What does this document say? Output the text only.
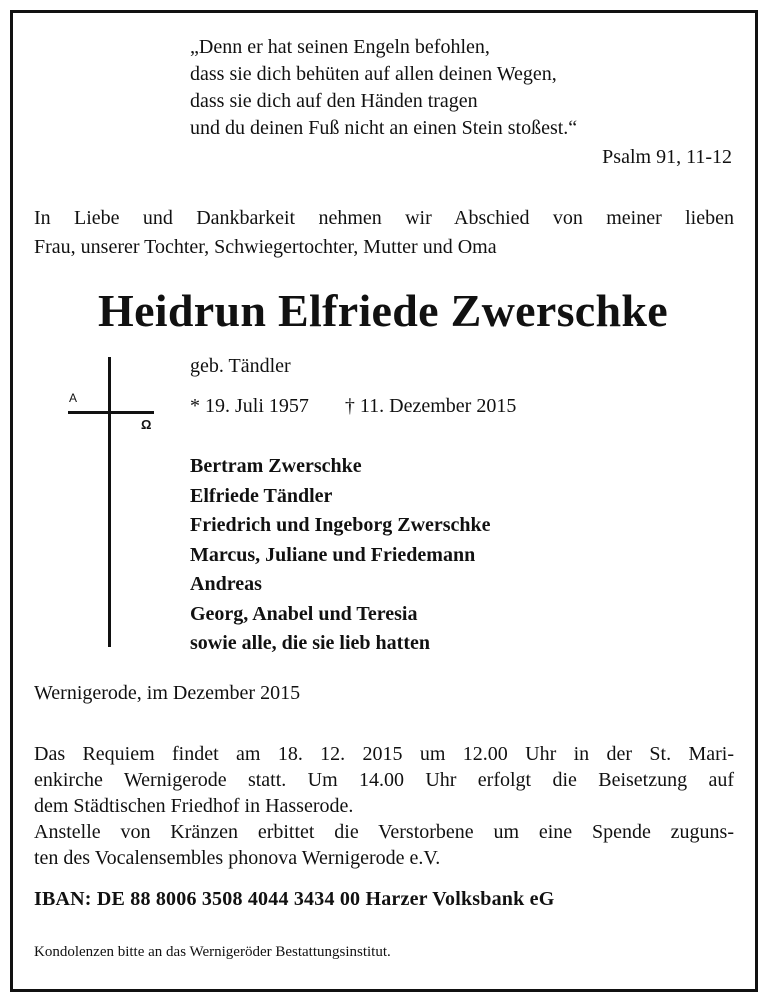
„Denn er hat seinen Engeln befohlen,
dass sie dich behüten auf allen deinen Wegen,
dass sie dich auf den Händen tragen
und du deinen Fuß nicht an einen Stein stoßest.“
Psalm 91, 11-12
In Liebe und Dankbarkeit nehmen wir Abschied von meiner lieben
Frau, unserer Tochter, Schwiegertochter, Mutter und Oma
Heidrun Elfriede Zwerschke
A
Ω
geb. Tändler
* 19. Juli 1957 † 11. Dezember 2015
Bertram Zwerschke
Elfriede Tändler
Friedrich und Ingeborg Zwerschke
Marcus, Juliane und Friedemann
Andreas
Georg, Anabel und Teresia
sowie alle, die sie lieb hatten
Wernigerode, im Dezember 2015
Das Requiem findet am 18. 12. 2015 um 12.00 Uhr in der St. Mari-
enkirche Wernigerode statt. Um 14.00 Uhr erfolgt die Beisetzung auf
dem Städtischen Friedhof in Hasserode.
Anstelle von Kränzen erbittet die Verstorbene um eine Spende zuguns-
ten des Vocalensembles phonova Wernigerode e.V.
IBAN: DE 88 8006 3508 4044 3434 00 Harzer Volksbank eG
Kondolenzen bitte an das Wernigeröder Bestattungsinstitut.
